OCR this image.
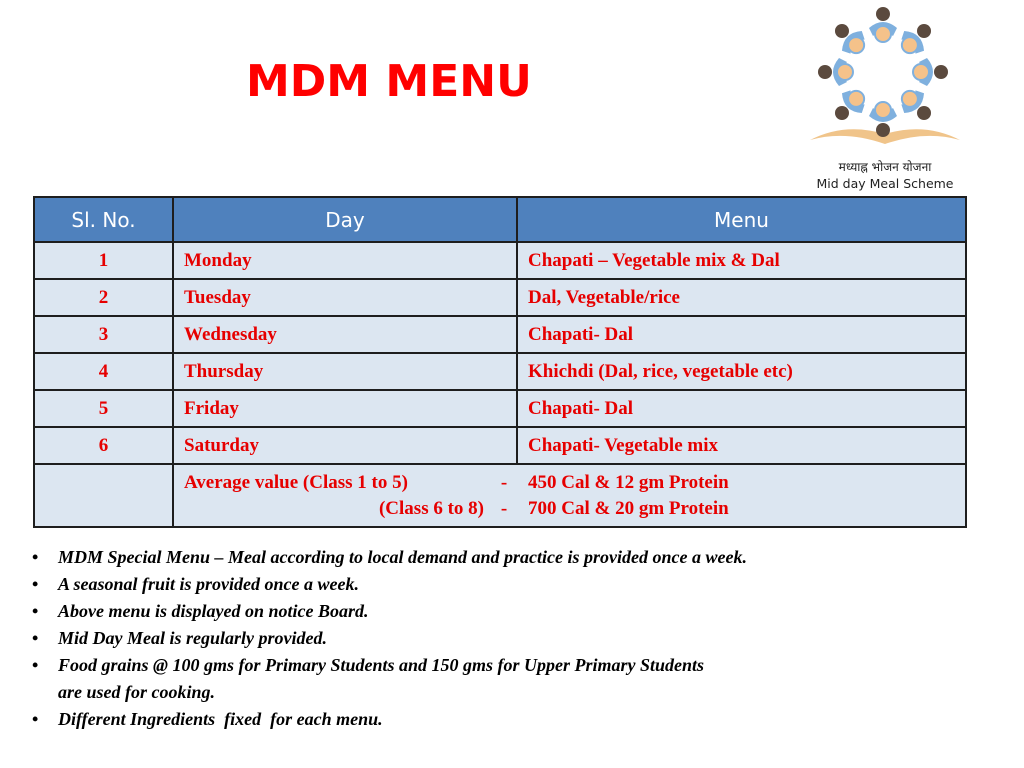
MDM MENU
मध्याह्न भोजन योजना
Mid day Meal Scheme
Sl. No.	Day	Menu
1	Monday	Chapati – Vegetable mix & Dal
2	Tuesday	Dal, Vegetable/rice
3	Wednesday	Chapati- Dal
4	Thursday	Khichdi (Dal, rice, vegetable etc)
5	Friday	Chapati- Dal
6	Saturday	Chapati- Vegetable mix

Average value (Class 1 to 5)	-	450 Cal & 12 gm Protein
(Class 6 to 8) -	700 Cal & 20 gm Protein
• MDM Special Menu – Meal according to local demand and practice is provided once a week.
• A seasonal fruit is provided once a week.
• Above menu is displayed on notice Board.
• Mid Day Meal is regularly provided.
• Food grains @ 100 gms for Primary Students and 150 gms for Upper Primary Students
are used for cooking.
• Different Ingredients  fixed  for each menu.
